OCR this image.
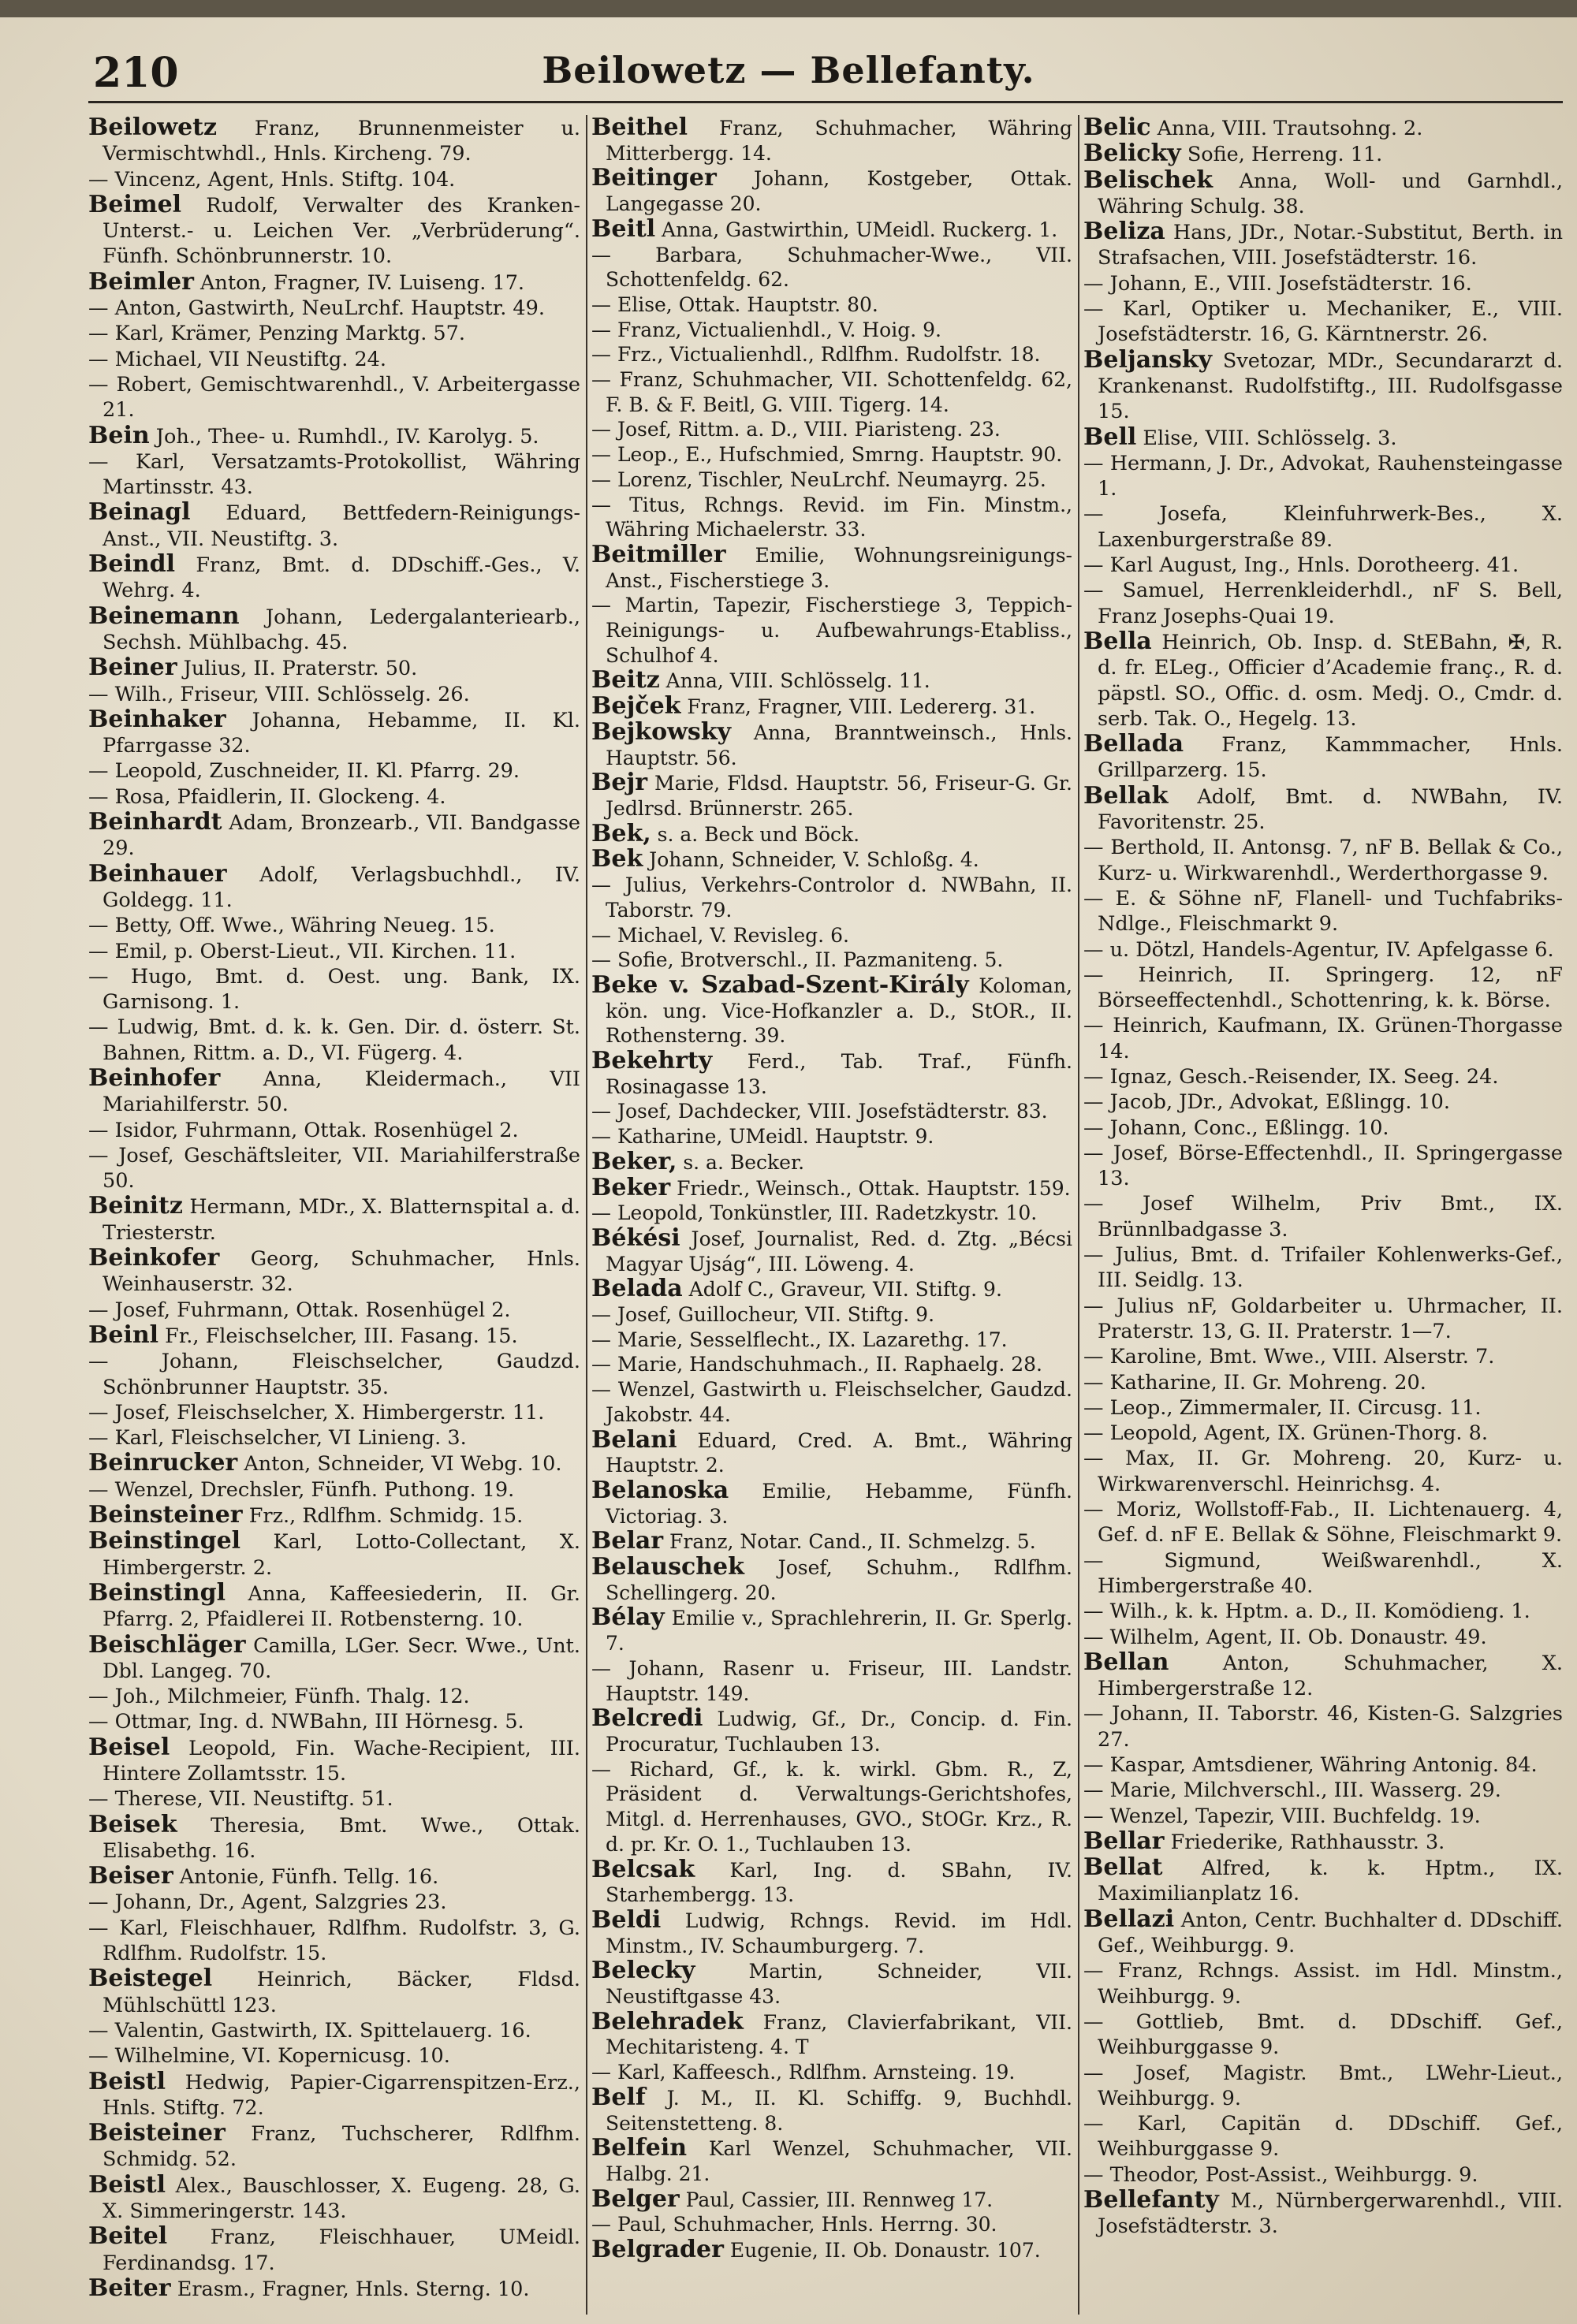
210	Beilowetz — Bellefanty.
Beilowetz Franz, Brunnenmeister u. Vermischtwhdl., Hnls. Kircheng. 79.
— Vincenz, Agent, Hnls. Stiftg. 104.
Beimel Rudolf, Verwalter des Kranken-Unterst.- u. Leichen Ver. „Verbrüderung“. Fünfh. Schönbrunnerstr. 10.
Beimler Anton, Fragner, IV. Luiseng. 17.
— Anton, Gastwirth, NeuLrchf. Hauptstr. 49.
— Karl, Krämer, Penzing Marktg. 57.
— Michael, VII Neustiftg. 24.
— Robert, Gemischtwarenhdl., V. Arbeitergasse 21.
Bein Joh., Thee- u. Rumhdl., IV. Karolyg. 5.
— Karl, Versatzamts-Protokollist, Währing Martinsstr. 43.
Beinagl Eduard, Bettfedern-Reinigungs-Anst., VII. Neustiftg. 3.
Beindl Franz, Bmt. d. DDschiff.-Ges., V. Wehrg. 4.
Beinemann Johann, Ledergalanteriearb., Sechsh. Mühlbachg. 45.
Beiner Julius, II. Praterstr. 50.
— Wilh., Friseur, VIII. Schlösselg. 26.
Beinhaker Johanna, Hebamme, II. Kl. Pfarrgasse 32.
— Leopold, Zuschneider, II. Kl. Pfarrg. 29.
— Rosa, Pfaidlerin, II. Glockeng. 4.
Beinhardt Adam, Bronzearb., VII. Bandgasse 29.
Beinhauer Adolf, Verlagsbuchhdl., IV. Goldegg. 11.
— Betty, Off. Wwe., Währing Neueg. 15.
— Emil, p. Oberst-Lieut., VII. Kirchen. 11.
— Hugo, Bmt. d. Oest. ung. Bank, IX. Garnisong. 1.
— Ludwig, Bmt. d. k. k. Gen. Dir. d. österr. St. Bahnen, Rittm. a. D., VI. Fügerg. 4.
Beinhofer Anna, Kleidermach., VII Mariahilferstr. 50.
— Isidor, Fuhrmann, Ottak. Rosenhügel 2.
— Josef, Geschäftsleiter, VII. Mariahilferstraße 50.
Beinitz Hermann, MDr., X. Blatternspital a. d. Triesterstr.
Beinkofer Georg, Schuhmacher, Hnls. Weinhauserstr. 32.
— Josef, Fuhrmann, Ottak. Rosenhügel 2.
Beinl Fr., Fleischselcher, III. Fasang. 15.
— Johann, Fleischselcher, Gaudzd. Schönbrunner Hauptstr. 35.
— Josef, Fleischselcher, X. Himbergerstr. 11.
— Karl, Fleischselcher, VI Linieng. 3.
Beinrucker Anton, Schneider, VI Webg. 10.
— Wenzel, Drechsler, Fünfh. Puthong. 19.
Beinsteiner Frz., Rdlfhm. Schmidg. 15.
Beinstingel Karl, Lotto-Collectant, X. Himbergerstr. 2.
Beinstingl Anna, Kaffeesiederin, II. Gr. Pfarrg. 2, Pfaidlerei II. Rotbensterng. 10.
Beischläger Camilla, LGer. Secr. Wwe., Unt. Dbl. Langeg. 70.
— Joh., Milchmeier, Fünfh. Thalg. 12.
— Ottmar, Ing. d. NWBahn, III Hörnesg. 5.
Beisel Leopold, Fin. Wache-Recipient, III. Hintere Zollamtsstr. 15.
— Therese, VII. Neustiftg. 51.
Beisek Theresia, Bmt. Wwe., Ottak. Elisabethg. 16.
Beiser Antonie, Fünfh. Tellg. 16.
— Johann, Dr., Agent, Salzgries 23.
— Karl, Fleischhauer, Rdlfhm. Rudolfstr. 3, G. Rdlfhm. Rudolfstr. 15.
Beistegel Heinrich, Bäcker, Fldsd. Mühlschüttl 123.
— Valentin, Gastwirth, IX. Spittelauerg. 16.
— Wilhelmine, VI. Kopernicusg. 10.
Beistl Hedwig, Papier-Cigarrenspitzen-Erz., Hnls. Stiftg. 72.
Beisteiner Franz, Tuchscherer, Rdlfhm. Schmidg. 52.
Beistl Alex., Bauschlosser, X. Eugeng. 28, G. X. Simmeringerstr. 143.
Beitel Franz, Fleischhauer, UMeidl. Ferdinandsg. 17.
Beiter Erasm., Fragner, Hnls. Sterng. 10.
Beithel Franz, Schuhmacher, Währing Mitterbergg. 14.
Beitinger Johann, Kostgeber, Ottak. Langegasse 20.
Beitl Anna, Gastwirthin, UMeidl. Ruckerg. 1.
— Barbara, Schuhmacher-Wwe., VII. Schottenfeldg. 62.
— Elise, Ottak. Hauptstr. 80.
— Franz, Victualienhdl., V. Hoig. 9.
— Frz., Victualienhdl., Rdlfhm. Rudolfstr. 18.
— Franz, Schuhmacher, VII. Schottenfeldg. 62, F. B. & F. Beitl, G. VIII. Tigerg. 14.
— Josef, Rittm. a. D., VIII. Piaristeng. 23.
— Leop., E., Hufschmied, Smrng. Hauptstr. 90.
— Lorenz, Tischler, NeuLrchf. Neumayrg. 25.
— Titus, Rchngs. Revid. im Fin. Minstm., Währing Michaelerstr. 33.
Beitmiller Emilie, Wohnungsreinigungs-Anst., Fischerstiege 3.
— Martin, Tapezir, Fischerstiege 3, Teppich-Reinigungs- u. Aufbewahrungs-Etabliss., Schulhof 4.
Beitz Anna, VIII. Schlösselg. 11.
Bejček Franz, Fragner, VIII. Ledererg. 31.
Bejkowsky Anna, Branntweinsch., Hnls. Hauptstr. 56.
Bejr Marie, Fldsd. Hauptstr. 56, Friseur-G. Gr. Jedlrsd. Brünnerstr. 265.
Bek, s. a. Beck und Böck.
Bek Johann, Schneider, V. Schloßg. 4.
— Julius, Verkehrs-Controlor d. NWBahn, II. Taborstr. 79.
— Michael, V. Revisleg. 6.
— Sofie, Brotverschl., II. Pazmaniteng. 5.
Beke v. Szabad-Szent-Király Koloman, kön. ung. Vice-Hofkanzler a. D., StOR., II. Rothensterng. 39.
Bekehrty Ferd., Tab. Traf., Fünfh. Rosinagasse 13.
— Josef, Dachdecker, VIII. Josefstädterstr. 83.
— Katharine, UMeidl. Hauptstr. 9.
Beker, s. a. Becker.
Beker Friedr., Weinsch., Ottak. Hauptstr. 159.
— Leopold, Tonkünstler, III. Radetzkystr. 10.
Békési Josef, Journalist, Red. d. Ztg. „Bécsi Magyar Ujság“, III. Löweng. 4.
Belada Adolf C., Graveur, VII. Stiftg. 9.
— Josef, Guillocheur, VII. Stiftg. 9.
— Marie, Sesselflecht., IX. Lazarethg. 17.
— Marie, Handschuhmach., II. Raphaelg. 28.
— Wenzel, Gastwirth u. Fleischselcher, Gaudzd. Jakobstr. 44.
Belani Eduard, Cred. A. Bmt., Währing Hauptstr. 2.
Belanoska Emilie, Hebamme, Fünfh. Victoriag. 3.
Belar Franz, Notar. Cand., II. Schmelzg. 5.
Belauschek Josef, Schuhm., Rdlfhm. Schellingerg. 20.
Bélay Emilie v., Sprachlehrerin, II. Gr. Sperlg. 7.
— Johann, Rasenr u. Friseur, III. Landstr. Hauptstr. 149.
Belcredi Ludwig, Gf., Dr., Concip. d. Fin. Procuratur, Tuchlauben 13.
— Richard, Gf., k. k. wirkl. Gbm. R., Z, Präsident d. Verwaltungs-Gerichtshofes, Mitgl. d. Herrenhauses, GVO., StOGr. Krz., R. d. pr. Kr. O. 1., Tuchlauben 13.
Belcsak Karl, Ing. d. SBahn, IV. Starhembergg. 13.
Beldi Ludwig, Rchngs. Revid. im Hdl. Minstm., IV. Schaumburgerg. 7.
Belecky Martin, Schneider, VII. Neustiftgasse 43.
Belehradek Franz, Clavierfabrikant, VII. Mechitaristeng. 4. T
— Karl, Kaffeesch., Rdlfhm. Arnsteing. 19.
Belf J. M., II. Kl. Schiffg. 9, Buchhdl. Seitenstetteng. 8.
Belfein Karl Wenzel, Schuhmacher, VII. Halbg. 21.
Belger Paul, Cassier, III. Rennweg 17.
— Paul, Schuhmacher, Hnls. Herrng. 30.
Belgrader Eugenie, II. Ob. Donaustr. 107.
Belic Anna, VIII. Trautsohng. 2.
Belicky Sofie, Herreng. 11.
Belischek Anna, Woll- und Garnhdl., Währing Schulg. 38.
Beliza Hans, JDr., Notar.-Substitut, Berth. in Strafsachen, VIII. Josefstädterstr. 16.
— Johann, E., VIII. Josefstädterstr. 16.
— Karl, Optiker u. Mechaniker, E., VIII. Josefstädterstr. 16, G. Kärntnerstr. 26.
Beljansky Svetozar, MDr., Secundararzt d. Krankenanst. Rudolfstiftg., III. Rudolfsgasse 15.
Bell Elise, VIII. Schlösselg. 3.
— Hermann, J. Dr., Advokat, Rauhensteingasse 1.
— Josefa, Kleinfuhrwerk-Bes., X. Laxenburgerstraße 89.
— Karl August, Ing., Hnls. Dorotheerg. 41.
— Samuel, Herrenkleiderhdl., nF S. Bell, Franz Josephs-Quai 19.
Bella Heinrich, Ob. Insp. d. StEBahn, ✠, R. d. fr. ELeg., Officier d’Academie franç., R. d. päpstl. SO., Offic. d. osm. Medj. O., Cmdr. d. serb. Tak. O., Hegelg. 13.
Bellada Franz, Kammmacher, Hnls. Grillparzerg. 15.
Bellak Adolf, Bmt. d. NWBahn, IV. Favoritenstr. 25.
— Berthold, II. Antonsg. 7, nF B. Bellak & Co., Kurz- u. Wirkwarenhdl., Werderthorgasse 9.
— E. & Söhne nF, Flanell- und Tuchfabriks-Ndlge., Fleischmarkt 9.
— u. Dötzl, Handels-Agentur, IV. Apfelgasse 6.
— Heinrich, II. Springerg. 12, nF Börseeffectenhdl., Schottenring, k. k. Börse.
— Heinrich, Kaufmann, IX. Grünen-Thorgasse 14.
— Ignaz, Gesch.-Reisender, IX. Seeg. 24.
— Jacob, JDr., Advokat, Eßlingg. 10.
— Johann, Conc., Eßlingg. 10.
— Josef, Börse-Effectenhdl., II. Springergasse 13.
— Josef Wilhelm, Priv Bmt., IX. Brünnlbadgasse 3.
— Julius, Bmt. d. Trifailer Kohlenwerks-Gef., III. Seidlg. 13.
— Julius nF, Goldarbeiter u. Uhrmacher, II. Praterstr. 13, G. II. Praterstr. 1—7.
— Karoline, Bmt. Wwe., VIII. Alserstr. 7.
— Katharine, II. Gr. Mohreng. 20.
— Leop., Zimmermaler, II. Circusg. 11.
— Leopold, Agent, IX. Grünen-Thorg. 8.
— Max, II. Gr. Mohreng. 20, Kurz- u. Wirkwarenverschl. Heinrichsg. 4.
— Moriz, Wollstoff-Fab., II. Lichtenauerg. 4, Gef. d. nF E. Bellak & Söhne, Fleischmarkt 9.
— Sigmund, Weißwarenhdl., X. Himbergerstraße 40.
— Wilh., k. k. Hptm. a. D., II. Komödieng. 1.
— Wilhelm, Agent, II. Ob. Donaustr. 49.
Bellan Anton, Schuhmacher, X. Himbergerstraße 12.
— Johann, II. Taborstr. 46, Kisten-G. Salzgries 27.
— Kaspar, Amtsdiener, Währing Antonig. 84.
— Marie, Milchverschl., III. Wasserg. 29.
— Wenzel, Tapezir, VIII. Buchfeldg. 19.
Bellar Friederike, Rathhausstr. 3.
Bellat Alfred, k. k. Hptm., IX. Maximilianplatz 16.
Bellazi Anton, Centr. Buchhalter d. DDschiff. Gef., Weihburgg. 9.
— Franz, Rchngs. Assist. im Hdl. Minstm., Weihburgg. 9.
— Gottlieb, Bmt. d. DDschiff. Gef., Weihburggasse 9.
— Josef, Magistr. Bmt., LWehr-Lieut., Weihburgg. 9.
— Karl, Capitän d. DDschiff. Gef., Weihburggasse 9.
— Theodor, Post-Assist., Weihburgg. 9.
Bellefanty M., Nürnbergerwarenhdl., VIII. Josefstädterstr. 3.
